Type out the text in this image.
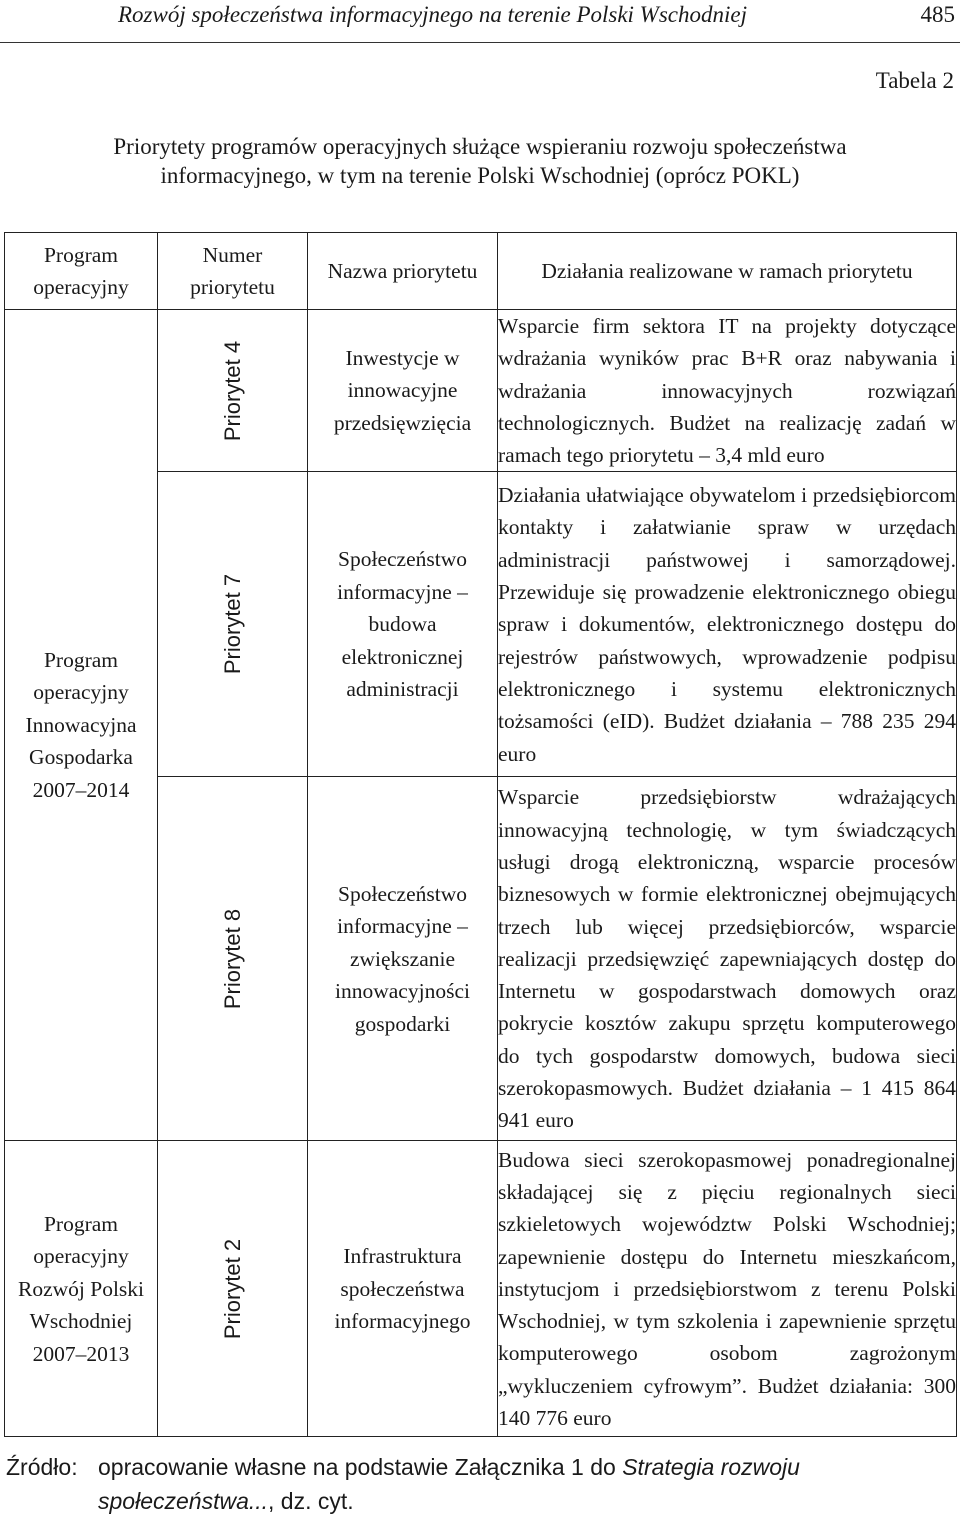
Rozwój społeczeństwa informacyjnego na terenie Polski Wschodniej	485
Tabela 2
Priorytety programów operacyjnych służące wspieraniu rozwoju społeczeństwa
informacyjnego, w tym na terenie Polski Wschodniej (oprócz POKL)
Program operacyjny	Numer priorytetu	Nazwa priorytetu	Działania realizowane w ramach priorytetu
Program operacyjny Innowacyjna Gospodarka 2007–2014	Priorytet 4	Inwestycje w innowacyjne przedsięwzięcia	Wsparcie firm sektora IT na projekty dotyczące wdrażania wyników prac B+R oraz nabywania i wdrażania innowacyjnych rozwiązań technologicznych. Budżet na realizację zadań w ramach tego priorytetu – 3,4 mld euro

	Priorytet 7	Społeczeństwo informacyjne – budowa elektronicznej administracji	Działania ułatwiające obywatelom i przedsiębiorcom kontakty i załatwianie spraw w urzędach administracji państwowej i samorządowej. Przewiduje się prowadzenie elektronicznego obiegu spraw i dokumentów, elektronicznego dostępu do rejestrów państwowych, wprowadzenie podpisu elektronicznego i systemu elektronicznych tożsamości (eID). Budżet działania – 788 235 294 euro

	Priorytet 8	Społeczeństwo informacyjne – zwiększanie innowacyjności gospodarki	Wsparcie przedsiębiorstw wdrażających innowacyjną technologię, w tym świadczących usługi drogą elektroniczną, wsparcie procesów biznesowych w formie elektronicznej obejmujących trzech lub więcej przedsiębiorców, wsparcie realizacji przedsięwzięć zapewniających dostęp do Internetu w gospodarstwach domowych oraz pokrycie kosztów zakupu sprzętu komputerowego do tych gospodarstw domowych, budowa sieci szerokopasmowych. Budżet działania – 1 415 864 941 euro
Program operacyjny Rozwój Polski Wschodniej 2007–2013	Priorytet 2	Infrastruktura społeczeństwa informacyjnego	Budowa sieci szerokopasmowej ponadregionalnej składającej się z pięciu regionalnych sieci szkieletowych województw Polski Wschodniej; zapewnienie dostępu do Internetu mieszkańcom, instytucjom i przedsiębiorstwom z terenu Polski Wschodniej, w tym szkolenia i zapewnienie sprzętu komputerowego osobom zagrożonym „wykluczeniem cyfrowym”. Budżet działania: 300 140 776 euro
Źródło: opracowanie własne na podstawie Załącznika 1 do Strategia rozwoju społeczeństwa..., dz. cyt.
